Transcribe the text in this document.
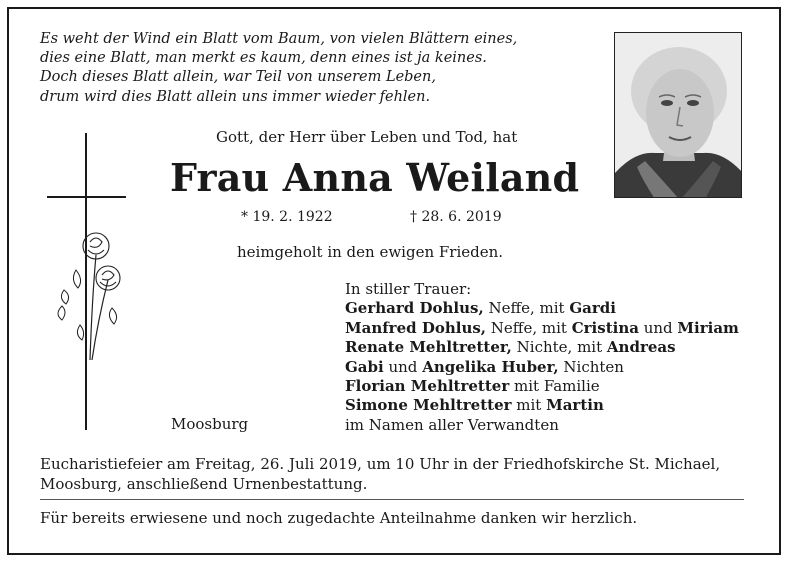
Es weht der Wind ein Blatt vom Baum, von vielen Blättern eines,
dies eine Blatt, man merkt es kaum, denn eines ist ja keines.
Doch dieses Blatt allein, war Teil von unserem Leben,
drum wird dies Blatt allein uns immer wieder fehlen.
Gott, der Herr über Leben und Tod, hat
Frau Anna Weiland
* 19. 2. 1922	† 28. 6. 2019
heimgeholt in den ewigen Frieden.
In stiller Trauer:
Gerhard Dohlus, Neffe, mit Gardi
Manfred Dohlus, Neffe, mit Cristina und Miriam
Renate Mehltretter, Nichte, mit Andreas
Gabi und Angelika Huber, Nichten
Florian Mehltretter mit Familie
Simone Mehltretter mit Martin
im Namen aller Verwandten
Moosburg
Eucharistiefeier am Freitag, 26. Juli 2019, um 10 Uhr in der Friedhofskirche St. Michael, Moosburg, anschließend Urnenbestattung.
Für bereits erwiesene und noch zugedachte Anteilnahme danken wir herzlich.
